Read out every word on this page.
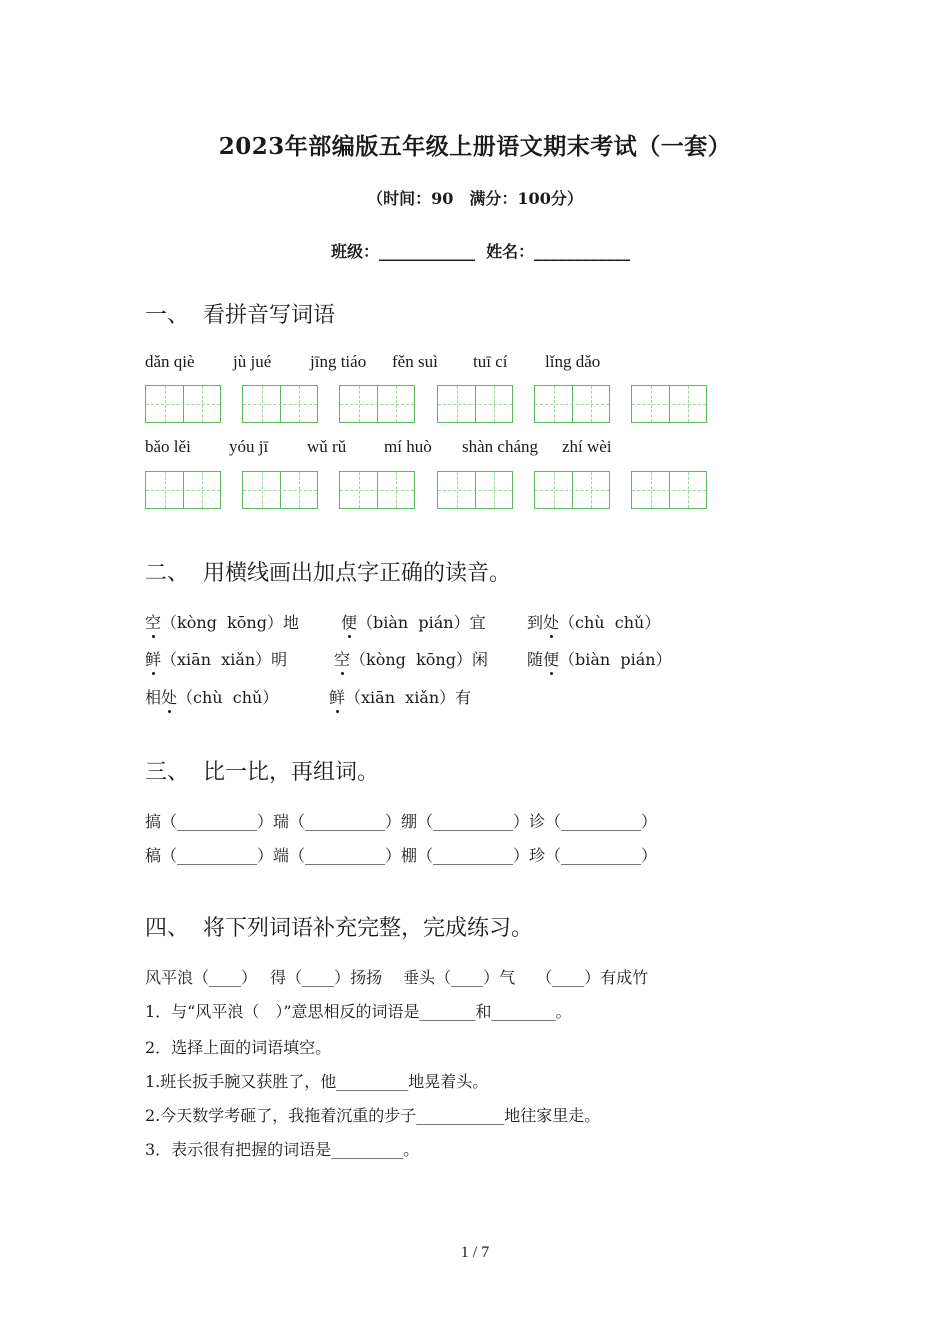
2023年部编版五年级上册语文期末考试（一套）
（时间：90　满分：100分）

班级：____________ 姓名：____________

一、  看拼音写词语
dǎn qiè jù jué jīng tiáo fěn suì tuī cí lǐng dǎo
bǎo lěi yóu jī wǔ rǔ mí huò shàn cháng zhí wèi
二、  用横线画出加点字正确的读音。
空（kòng  kōng）地	便（biàn  pián）宜	到处（chù  chǔ）
鲜（xiān  xiǎn）明	空（kòng  kōng）闲 随便（biàn  pián）
相处（chù  chǔ）	鲜（xiān  xiǎn）有
三、  比一比，再组词。
搞（__________）瑞（__________）绷（__________）诊（__________）
稿（__________）端（__________）棚（__________）珍（__________）
四、  将下列词语补充完整，完成练习。
风平浪（____）　 得（____）扬扬　 垂头（____）气　 （____）有成竹
1．与“风平浪（　）”意思相反的词语是_______和________。
2．选择上面的词语填空。
1.班长扳手腕又获胜了，他_________地晃着头。
2.今天数学考砸了，我拖着沉重的步子___________地往家里走。
3．表示很有把握的词语是_________。
1 / 7
